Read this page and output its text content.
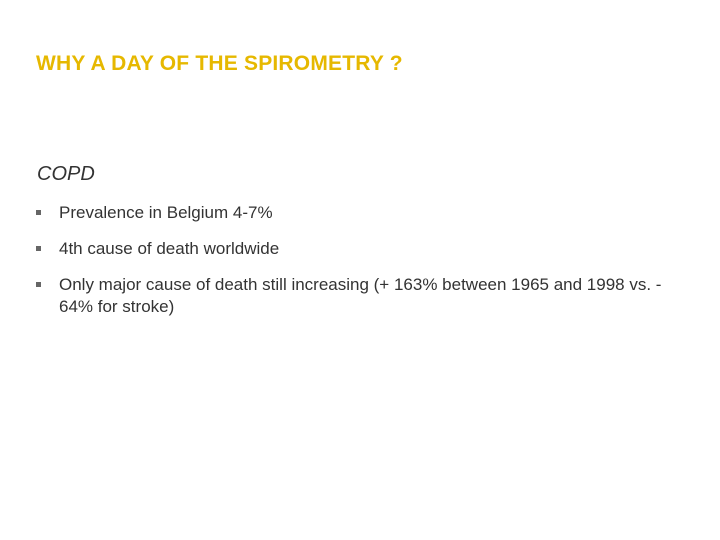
WHY A DAY OF THE SPIROMETRY ?
COPD
Prevalence in Belgium 4-7%
4th cause of death worldwide
Only major cause of death still increasing (+ 163% between 1965 and 1998 vs. - 64% for stroke)
